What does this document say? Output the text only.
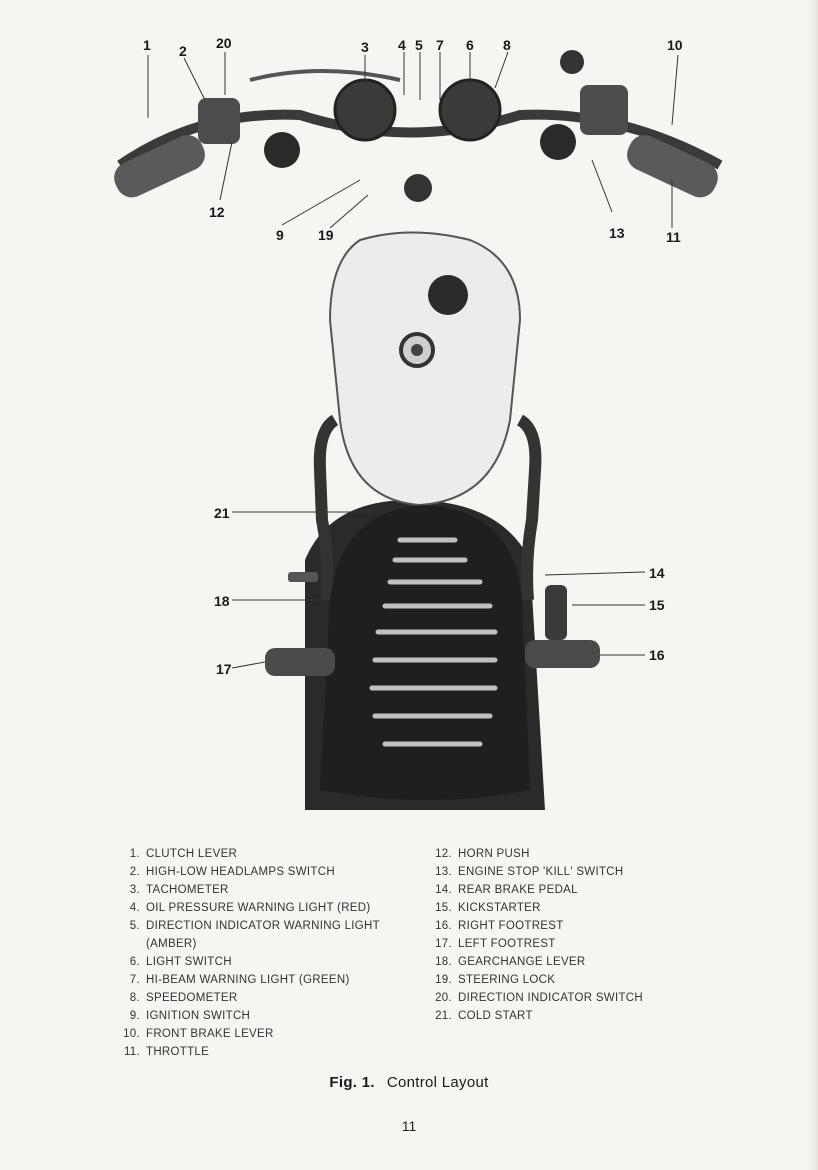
1 2 20	3 4 5 7 6 8	10
12
9 19	13	11
21
14
18	15
17
16
1. CLUTCH LEVER
2. HIGH-LOW HEADLAMPS SWITCH
3. TACHOMETER
4. OIL PRESSURE WARNING LIGHT (RED)
5. DIRECTION INDICATOR WARNING LIGHT (AMBER)
6. LIGHT SWITCH
7. HI-BEAM WARNING LIGHT (GREEN)
8. SPEEDOMETER
9. IGNITION SWITCH
10. FRONT BRAKE LEVER
11. THROTTLE
12. HORN PUSH
13. ENGINE STOP 'KILL' SWITCH
14. REAR BRAKE PEDAL
15. KICKSTARTER
16. RIGHT FOOTREST
17. LEFT FOOTREST
18. GEARCHANGE LEVER
19. STEERING LOCK
20. DIRECTION INDICATOR SWITCH
21. COLD START
Fig. 1. Control Layout
11
